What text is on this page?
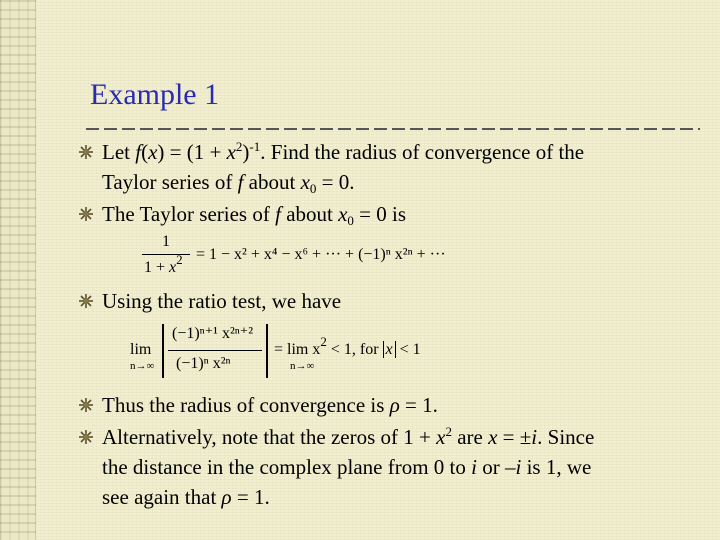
Example 1
Let $f(x) = (1 + x^2)^{-1}$. Find the radius of convergence of the
Taylor series of f about $x_0 = 0$.
The Taylor series of f about $x_0 = 0$ is
1
$1 + x^2 = 1 - x^2 + x^4 - x^6$ + ··· + (−1)ⁿ x²ⁿ + ···
Using the ratio test, we have
lim
n→∞
(−1)ⁿ⁺¹ x²ⁿ⁺²
(−1)ⁿ x²ⁿ
= $\lim x^2 < 1$, for x < 1
n→∞
Thus the radius of convergence is ρ = 1.
Alternatively, note that the zeros of $1 + x^2$ are x = ±i. Since
the distance in the complex plane from 0 to i or –i is 1, we
see again that ρ = 1.
